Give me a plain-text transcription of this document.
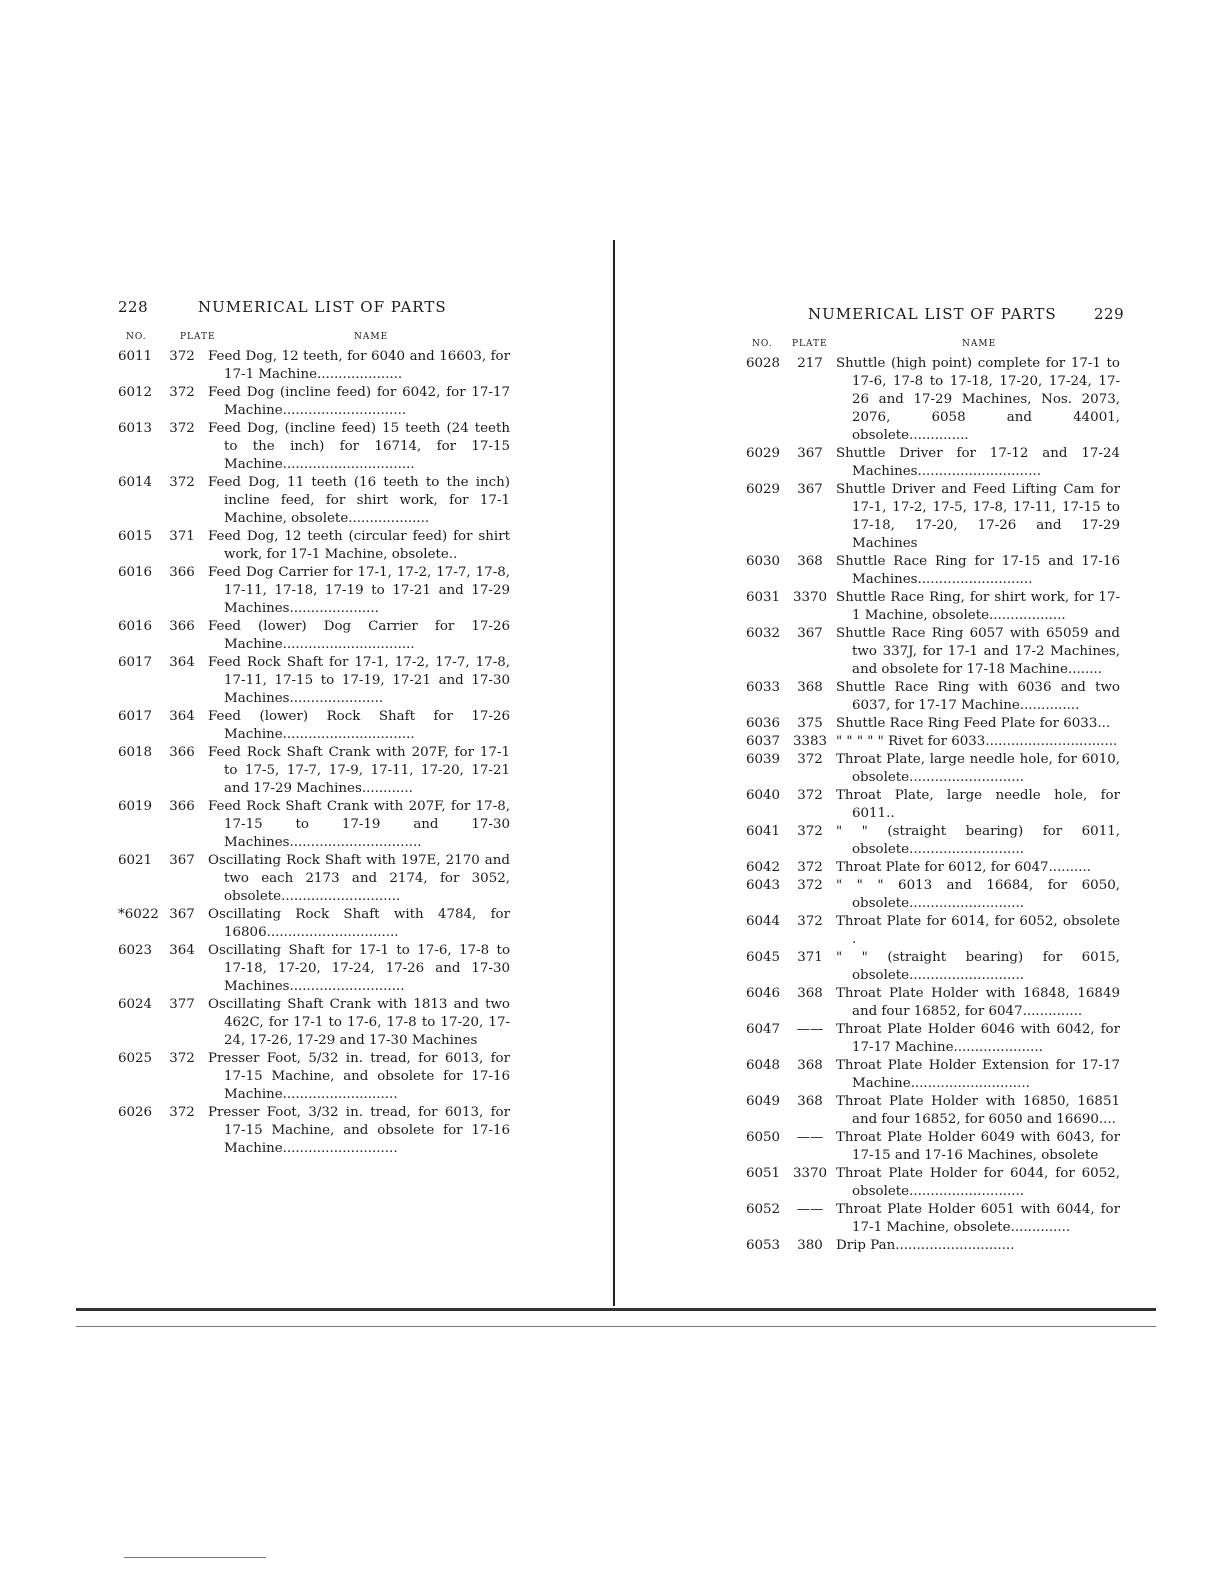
228	NUMERICAL LIST OF PARTS
NO.	PLATE	NAME
6011	372 Feed Dog, 12 teeth, for 6040 and 16603, for 17-1 Machine....................
6012	372 Feed Dog (incline feed) for 6042, for 17-17 Machine.............................
6013	372 Feed Dog, (incline feed) 15 teeth (24 teeth to the inch) for 16714, for 17-15 Machine...............................
6014	372 Feed Dog, 11 teeth (16 teeth to the inch) incline feed, for shirt work, for 17-1 Machine, obsolete...................
6015	371 Feed Dog, 12 teeth (circular feed) for shirt work, for 17-1 Machine, obsolete..
6016	366 Feed Dog Carrier for 17-1, 17-2, 17-7, 17-8, 17-11, 17-18, 17-19 to 17-21 and 17-29 Machines.....................
6016	366 Feed (lower) Dog Carrier for 17-26 Machine...............................
6017	364 Feed Rock Shaft for 17-1, 17-2, 17-7, 17-8, 17-11, 17-15 to 17-19, 17-21 and 17-30 Machines......................
6017	364 Feed (lower) Rock Shaft for 17-26 Machine...............................
6018	366 Feed Rock Shaft Crank with 207F, for 17-1 to 17-5, 17-7, 17-9, 17-11, 17-20, 17-21 and 17-29 Machines............
6019	366 Feed Rock Shaft Crank with 207F, for 17-8, 17-15 to 17-19 and 17-30 Machines...............................
6021	367 Oscillating Rock Shaft with 197E, 2170 and two each 2173 and 2174, for 3052, obsolete............................
*6022 367 Oscillating Rock Shaft with 4784, for 16806...............................
6023	364 Oscillating Shaft for 17-1 to 17-6, 17-8 to 17-18, 17-20, 17-24, 17-26 and 17-30 Machines...........................
6024	377 Oscillating Shaft Crank with 1813 and two 462C, for 17-1 to 17-6, 17-8 to 17-20, 17-24, 17-26, 17-29 and 17-30 Machines
6025	372 Presser Foot, 5/32 in. tread, for 6013, for 17-15 Machine, and obsolete for 17-16 Machine...........................
6026	372 Presser Foot, 3/32 in. tread, for 6013, for 17-15 Machine, and obsolete for 17-16 Machine...........................
NUMERICAL LIST OF PARTS 229
NO. PLATE	NAME
6028	217 Shuttle (high point) complete for 17-1 to 17-6, 17-8 to 17-18, 17-20, 17-24, 17-26 and 17-29 Machines, Nos. 2073, 2076, 6058 and 44001, obsolete..............
6029	367 Shuttle Driver for 17-12 and 17-24 Machines.............................
6029	367 Shuttle Driver and Feed Lifting Cam for 17-1, 17-2, 17-5, 17-8, 17-11, 17-15 to 17-18, 17-20, 17-26 and 17-29 Machines
6030	368 Shuttle Race Ring for 17-15 and 17-16 Machines...........................
6031 3370 Shuttle Race Ring, for shirt work, for 17-1 Machine, obsolete..................
6032	367 Shuttle Race Ring 6057 with 65059 and two 337J, for 17-1 and 17-2 Machines, and obsolete for 17-18 Machine........
6033	368 Shuttle Race Ring with 6036 and two 6037, for 17-17 Machine..............
6036	375 Shuttle Race Ring Feed Plate for 6033...
6037 3383 " " " " " Rivet for 6033...............................
6039	372 Throat Plate, large needle hole, for 6010, obsolete...........................
6040	372 Throat Plate, large needle hole, for 6011..
6041	372 " " (straight bearing) for 6011, obsolete...........................
6042	372 Throat Plate for 6012, for 6047..........
6043	372 " " " 6013 and 16684, for 6050, obsolete...........................
6044	372 Throat Plate for 6014, for 6052, obsolete .
6045	371 " " (straight bearing) for 6015, obsolete...........................
6046	368 Throat Plate Holder with 16848, 16849 and four 16852, for 6047..............
6047	—— Throat Plate Holder 6046 with 6042, for 17-17 Machine.....................
6048	368 Throat Plate Holder Extension for 17-17 Machine............................
6049	368 Throat Plate Holder with 16850, 16851 and four 16852, for 6050 and 16690....
6050	—— Throat Plate Holder 6049 with 6043, for 17-15 and 17-16 Machines, obsolete
6051 3370 Throat Plate Holder for 6044, for 6052, obsolete...........................
6052	—— Throat Plate Holder 6051 with 6044, for 17-1 Machine, obsolete..............
6053	380 Drip Pan............................
